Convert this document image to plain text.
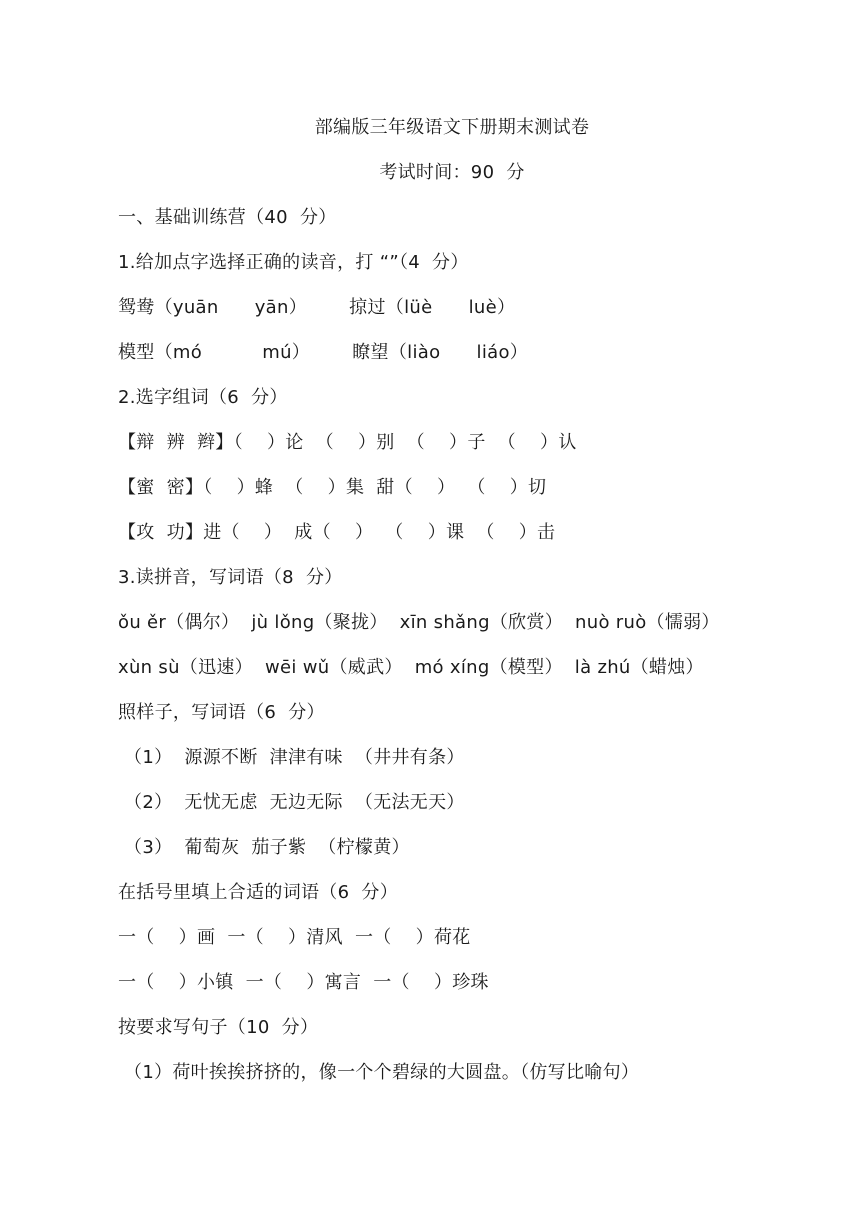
部编版三年级语文下册期末测试卷
考试时间：90  分
一、基础训练营（40  分）
1.给加点字选择正确的读音，打 “”（4  分）
鸳鸯（yuān      yān）       掠过（lüè      luè）
模型（mó          mú）       瞭望（liào      liáo）
2.选字组词（6  分）
【辩  辨  辫】（    ）论  （    ）别  （    ）子  （    ）认
【蜜  密】（    ）蜂  （    ）集  甜（    ）  （    ）切
【攻  功】进（    ）  成（    ）  （    ）课  （    ）击
3.读拼音，写词语（8  分）
ǒu ěr（偶尔）  jù lǒng（聚拢）  xīn shǎng（欣赏）  nuò ruò（懦弱）
xùn sù（迅速）  wēi wǔ（威武）  mó xíng（模型）  là zhú（蜡烛）
照样子，写词语（6  分）
（1）  源源不断  津津有味  （井井有条）
（2）  无忧无虑  无边无际  （无法无天）
（3）  葡萄灰  茄子紫  （柠檬黄）
在括号里填上合适的词语（6  分）
一（    ）画  一（    ）清风  一（    ）荷花
一（    ）小镇  一（    ）寓言  一（    ）珍珠
按要求写句子（10  分）
（1）荷叶挨挨挤挤的，像一个个碧绿的大圆盘。（仿写比喻句）
